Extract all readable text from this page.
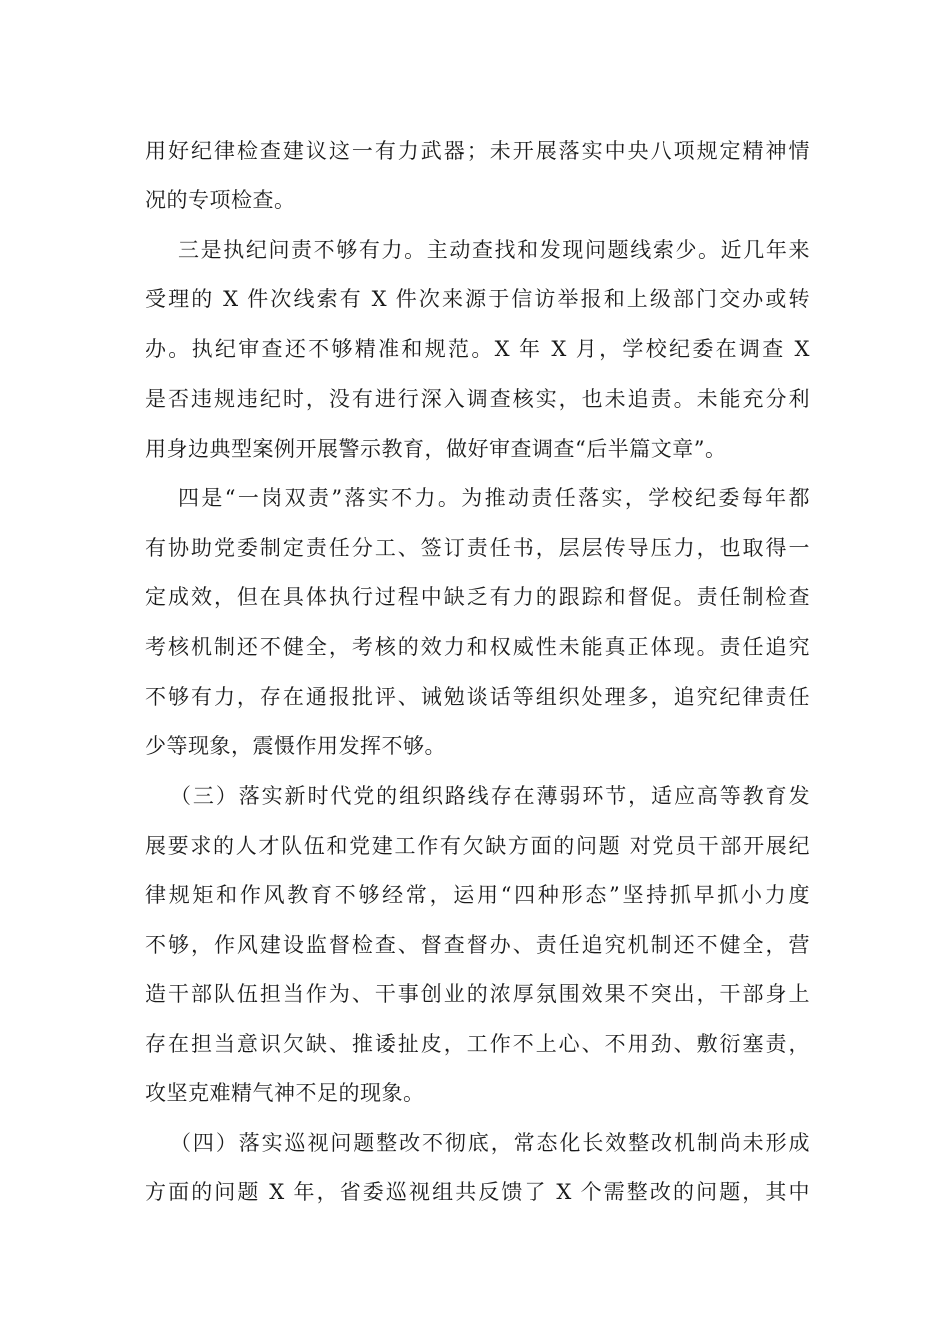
用好纪律检查建议这一有力武器；未开展落实中央八项规定精神情
况的专项检查。
三是执纪问责不够有力。主动查找和发现问题线索少。近几年来
受理的 X 件次线索有 X 件次来源于信访举报和上级部门交办或转
办。执纪审查还不够精准和规范。X 年 X 月，学校纪委在调查 X
是否违规违纪时，没有进行深入调查核实，也未追责。未能充分利
用身边典型案例开展警示教育，做好审查调查“后半篇文章”。
四是“一岗双责”落实不力。为推动责任落实，学校纪委每年都
有协助党委制定责任分工、签订责任书，层层传导压力，也取得一
定成效，但在具体执行过程中缺乏有力的跟踪和督促。责任制检查
考核机制还不健全，考核的效力和权威性未能真正体现。责任追究
不够有力，存在通报批评、诫勉谈话等组织处理多，追究纪律责任
少等现象，震慑作用发挥不够。
（三）落实新时代党的组织路线存在薄弱环节，适应高等教育发
展要求的人才队伍和党建工作有欠缺方面的问题 对党员干部开展纪
律规矩和作风教育不够经常，运用“四种形态”坚持抓早抓小力度
不够，作风建设监督检查、督查督办、责任追究机制还不健全，营
造干部队伍担当作为、干事创业的浓厚氛围效果不突出，干部身上
存在担当意识欠缺、推诿扯皮，工作不上心、不用劲、敷衍塞责，
攻坚克难精气神不足的现象。
（四）落实巡视问题整改不彻底，常态化长效整改机制尚未形成
方面的问题 X 年，省委巡视组共反馈了 X 个需整改的问题，其中
